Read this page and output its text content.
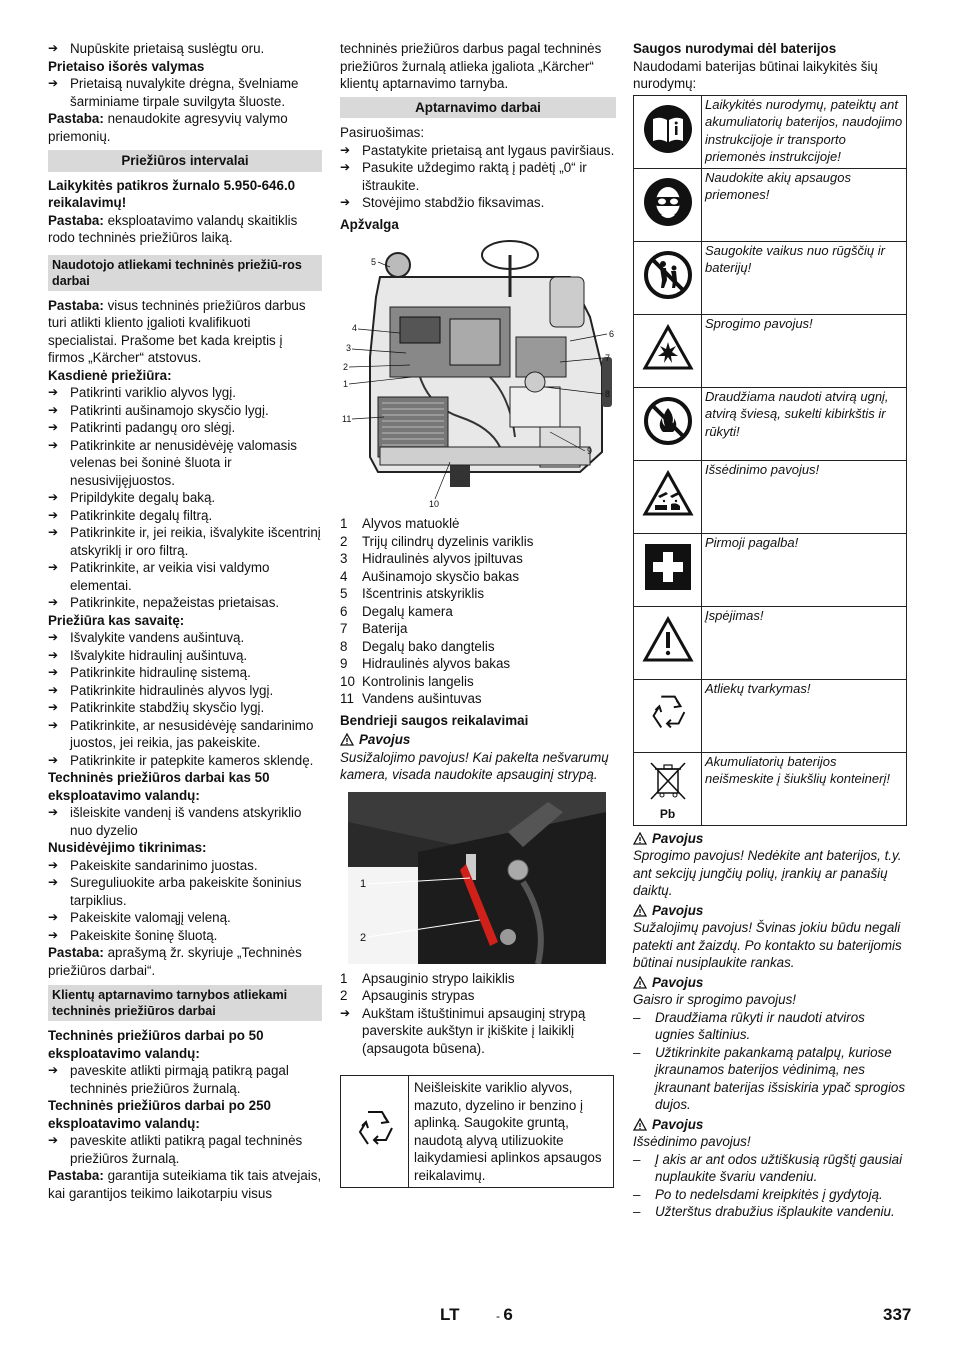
➔ Nupūskite prietaisą suslėgtu oru.

Prietaiso išorės valymas

➔ Prietaisą nuvalykite drėgna, švelniame šarminiame tirpale suvilgyta šluoste.

Pastaba: nenaudokite agresyvių valymo priemonių.

Priežiūros intervalai

Laikykitės patikros žurnalo 5.950-646.0 reikalavimų!

Pastaba: eksploatavimo valandų skaitiklis rodo techninės priežiūros laiką.

Naudotojo atliekami techninės priežiū-ros darbai

Pastaba: visus techninės priežiūros darbus turi atlikti kliento įgalioti kvalifikuoti specialistai. Prašome bet kada kreiptis į firmos „Kärcher“ atstovus.

Kasdienė priežiūra:

➔ Patikrinti variklio alyvos lygį.
➔ Patikrinti aušinamojo skysčio lygį.
➔ Patikrinti padangų oro slėgį.
➔ Patikrinkite ar nenusidėvėję valomasis velenas bei šoninė šluota ir nesusivijęjuostos.
➔ Pripildykite degalų baką.
➔ Patikrinkite degalų filtrą.
➔ Patikrinkite ir, jei reikia, išvalykite išcentrinį atskyriklį ir oro filtrą.
➔ Patikrinkite, ar veikia visi valdymo elementai.
➔ Patikrinkite, nepažeistas prietaisas.

Priežiūra kas savaitę:

➔ Išvalykite vandens aušintuvą.
➔ Išvalykite hidraulinį aušintuvą.
➔ Patikrinkite hidraulinę sistemą.
➔ Patikrinkite hidraulinės alyvos lygį.
➔ Patikrinkite stabdžių skysčio lygį.
➔ Patikrinkite, ar nesusidėvėję sandarinimo juostos, jei reikia, jas pakeiskite.
➔ Patikrinkite ir patepkite kameros sklendę.

Techninės priežiūros darbai kas 50 eksploatavimo valandų:

➔ išleiskite vandenį iš vandens atskyriklio nuo dyzelio

Nusidėvėjimo tikrinimas:

➔ Pakeiskite sandarinimo juostas.
➔ Sureguliuokite arba pakeiskite šoninius tarpiklius.
➔ Pakeiskite valomąjį veleną.
➔ Pakeiskite šoninę šluotą.

Pastaba: aprašymą žr. skyriuje „Techninės priežiūros darbai“.

Klientų aptarnavimo tarnybos atliekami techninės priežiūros darbai

Techninės priežiūros darbai po 50 eksploatavimo valandų:

➔ paveskite atlikti pirmąją patikrą pagal techninės priežiūros žurnalą.

Techninės priežiūros darbai po 250 eksploatavimo valandų:

➔ paveskite atlikti patikrą pagal techninės priežiūros žurnalą.

Pastaba: garantija suteikiama tik tais atvejais, kai garantijos teikimo laikotarpiu visus

techninės priežiūros darbus pagal techninės priežiūros žurnalą atlieka įgaliota „Kärcher“ klientų aptarnavimo tarnyba.

Aptarnavimo darbai

Pasiruošimas:

➔ Pastatykite prietaisą ant lygaus paviršiaus.
➔ Pasukite uždegimo raktą į padėtį „0“ ir ištraukite.
➔ Stovėjimo stabdžio fiksavimas.

Apžvalga

5
4
3
2
1
11
10
6
7
8
9
1	Alyvos matuoklė
2	Trijų cilindrų dyzelinis variklis
3	Hidraulinės alyvos įpiltuvas
4	Aušinamojo skysčio bakas
5	Išcentrinis atskyriklis
6	Degalų kamera
7	Baterija
8	Degalų bako dangtelis
9	Hidraulinės alyvos bakas
10 Kontrolinis langelis
11 Vandens aušintuvas

Bendrieji saugos reikalavimai

Pavojus

Susižalojimo pavojus! Kai pakelta nešvarumų kamera, visada naudokite apsauginį strypą.

1
2
1	Apsauginio strypo laikiklis
2	Apsauginis strypas
➔ Aukštam ištuštinimui apsauginį strypą paverskite aukštyn ir įkiškite į laikiklį (apsaugota būsena).
	Neišleiskite variklio alyvos, mazuto, dyzelino ir benzino į aplinką. Saugokite gruntą, naudotą alyvą utilizuokite laikydamiesi aplinkos apsaugos reikalavimų.

Saugos nurodymai dėl baterijos

Naudodami baterijas būtinai laikykitės šių nurodymų:

	Laikykitės nurodymų, pateiktų ant akumuliatorių baterijos, naudojimo instrukcijoje ir transporto priemonės instrukcijoje!
	Naudokite akių apsaugos priemones!
	Saugokite vaikus nuo rūgščių ir baterijų!
	Sprogimo pavojus!
	Draudžiama naudoti atvirą ugnį, atvirą šviesą, sukelti kibirkštis ir rūkyti!
	Išsėdinimo pavojus!
	Pirmoji pagalba!
	Įspėjimas!
	Atliekų tvarkymas!

Pb	Akumuliatorių baterijos neišmeskite į šiukšlių konteinerį!
Pavojus

Sprogimo pavojus! Nedėkite ant baterijos, t.y. ant sekcijų jungčių polių, įrankių ar panašių daiktų.

Pavojus

Sužalojimų pavojus! Švinas jokiu būdu negali patekti ant žaizdų. Po kontakto su baterijomis būtinai nusiplaukite rankas.

Pavojus

Gaisro ir sprogimo pavojus!

–	Draudžiama rūkyti ir naudoti atviros ugnies šaltinius.
–	Užtikrinkite pakankamą patalpų, kuriose įkraunamos baterijos vėdinimą, nes įkraunant baterijas išsiskiria ypač sprogios dujos.
Pavojus

Išsėdinimo pavojus!

–	Į akis ar ant odos užtiškusią rūgštį gausiai nuplaukite švariu vandeniu.
–	Po to nedelsdami kreipkitės į gydytoją.
–	Užterštus drabužius išplaukite vandeniu.
LT	- 6	337
